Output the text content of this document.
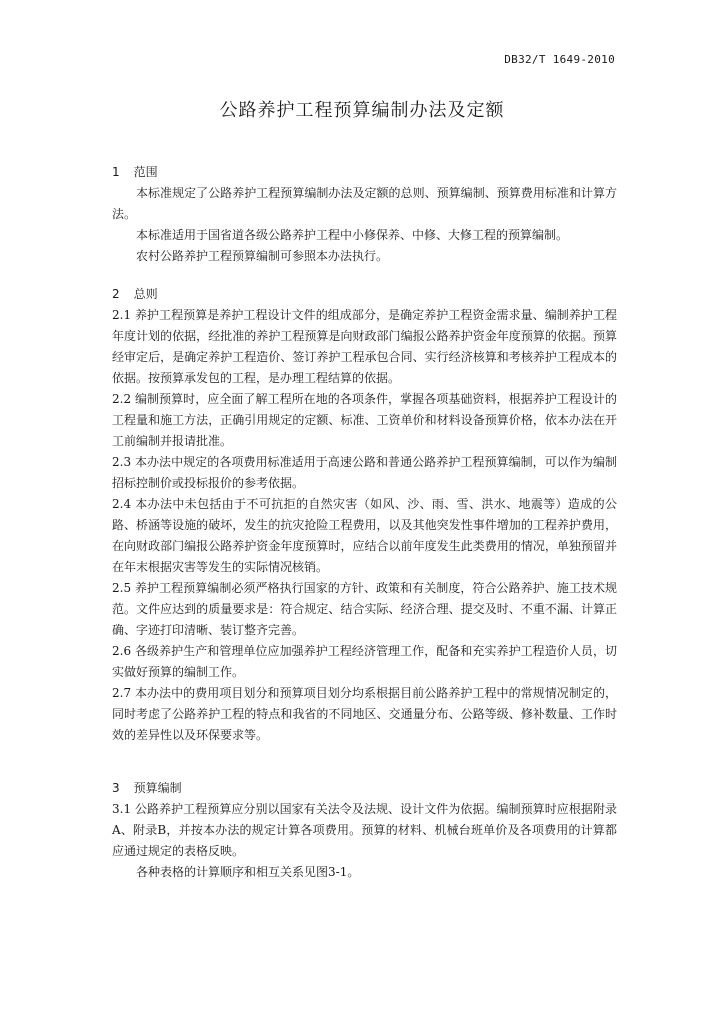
DB32/T 1649-2010
公路养护工程预算编制办法及定额
1 范围

本标准规定了公路养护工程预算编制办法及定额的总则、预算编制、预算费用标准和计算方法。

本标准适用于国省道各级公路养护工程中小修保养、中修、大修工程的预算编制。

农村公路养护工程预算编制可参照本办法执行。

2 总则

2.1 养护工程预算是养护工程设计文件的组成部分，是确定养护工程资金需求量、编制养护工程年度计划的依据，经批准的养护工程预算是向财政部门编报公路养护资金年度预算的依据。预算经审定后，是确定养护工程造价、签订养护工程承包合同、实行经济核算和考核养护工程成本的依据。按预算承发包的工程，是办理工程结算的依据。

2.2 编制预算时，应全面了解工程所在地的各项条件，掌握各项基础资料，根据养护工程设计的工程量和施工方法，正确引用规定的定额、标准、工资单价和材料设备预算价格，依本办法在开工前编制并报请批准。

2.3 本办法中规定的各项费用标准适用于高速公路和普通公路养护工程预算编制，可以作为编制招标控制价或投标报价的参考依据。

2.4 本办法中未包括由于不可抗拒的自然灾害（如风、沙、雨、雪、洪水、地震等）造成的公路、桥涵等设施的破坏，发生的抗灾抢险工程费用，以及其他突发性事件增加的工程养护费用，在向财政部门编报公路养护资金年度预算时，应结合以前年度发生此类费用的情况，单独预留并在年末根据灾害等发生的实际情况核销。

2.5 养护工程预算编制必须严格执行国家的方针、政策和有关制度，符合公路养护、施工技术规范。文件应达到的质量要求是：符合规定、结合实际、经济合理、提交及时、不重不漏、计算正确、字迹打印清晰、装订整齐完善。

2.6 各级养护生产和管理单位应加强养护工程经济管理工作，配备和充实养护工程造价人员，切实做好预算的编制工作。

2.7 本办法中的费用项目划分和预算项目划分均系根据目前公路养护工程中的常规情况制定的，同时考虑了公路养护工程的特点和我省的不同地区、交通量分布、公路等级、修补数量、工作时效的差异性以及环保要求等。

3 预算编制

3.1 公路养护工程预算应分别以国家有关法令及法规、设计文件为依据。编制预算时应根据附录A、附录B，并按本办法的规定计算各项费用。预算的材料、机械台班单价及各项费用的计算都应通过规定的表格反映。

各种表格的计算顺序和相互关系见图3-1。
